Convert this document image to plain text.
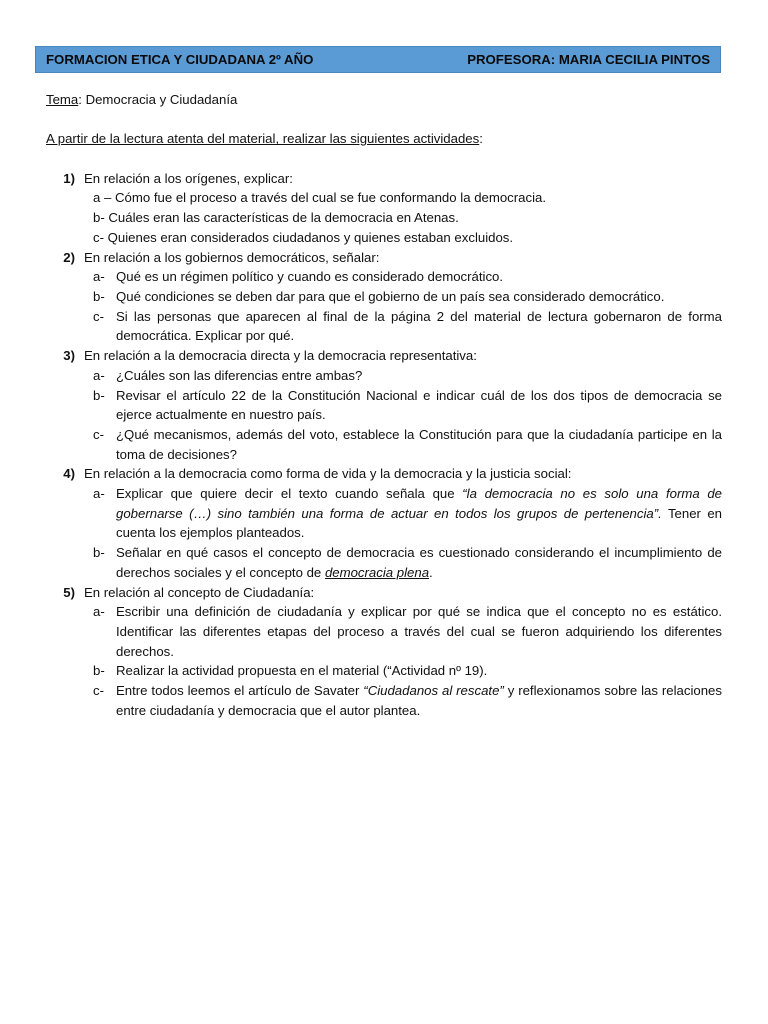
FORMACION ETICA Y CIUDADANA 2º AÑO	PROFESORA: MARIA CECILIA PINTOS
Tema: Democracia y Ciudadanía
A partir de la lectura atenta del material, realizar las siguientes actividades:
1) En relación a los orígenes, explicar:
a – Cómo fue el proceso a través del cual se fue conformando la democracia.
b- Cuáles eran las características de la democracia en Atenas.
c- Quienes eran considerados ciudadanos y quienes estaban excluidos.
2) En relación a los gobiernos democráticos, señalar:
a- Qué es un régimen político y cuando es considerado democrático.
b- Qué condiciones se deben dar para que el gobierno de un país sea considerado democrático.
c- Si las personas que aparecen al final de la página 2 del material de lectura gobernaron de forma democrática. Explicar por qué.
3) En relación a la democracia directa y la democracia representativa:
a- ¿Cuáles son las diferencias entre ambas?
b- Revisar el artículo 22 de la Constitución Nacional e indicar cuál de los dos tipos de democracia se ejerce actualmente en nuestro país.
c- ¿Qué mecanismos, además del voto, establece la Constitución para que la ciudadanía participe en la toma de decisiones?
4) En relación a la democracia como forma de vida y la democracia y la justicia social:
a- Explicar que quiere decir el texto cuando señala que “la democracia no es solo una forma de gobernarse (…) sino también una forma de actuar en todos los grupos de pertenencia”. Tener en cuenta los ejemplos planteados.
b- Señalar en qué casos el concepto de democracia es cuestionado considerando el incumplimiento de derechos sociales y el concepto de democracia plena.
5) En relación al concepto de Ciudadanía:
a- Escribir una definición de ciudadanía y explicar por qué se indica que el concepto no es estático. Identificar las diferentes etapas del proceso a través del cual se fueron adquiriendo los diferentes derechos.
b- Realizar la actividad propuesta en el material (“Actividad nº 19).
c- Entre todos leemos el artículo de Savater “Ciudadanos al rescate” y reflexionamos sobre las relaciones entre ciudadanía y democracia que el autor plantea.
